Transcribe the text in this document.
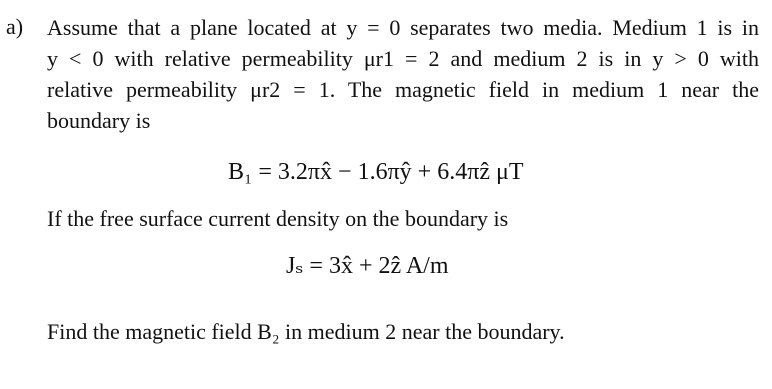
a) Assume that a plane located at y = 0 separates two media. Medium 1 is in
y < 0 with relative permeability μr1 = 2 and medium 2 is in y > 0 with
relative permeability μr2 = 1. The magnetic field in medium 1 near the
boundary is
B₁ = 3.2πx̂ − 1.6πŷ + 6.4πẑ μT
If the free surface current density on the boundary is
Jₛ = 3x̂ + 2ẑ A/m
Find the magnetic field B₂ in medium 2 near the boundary.
